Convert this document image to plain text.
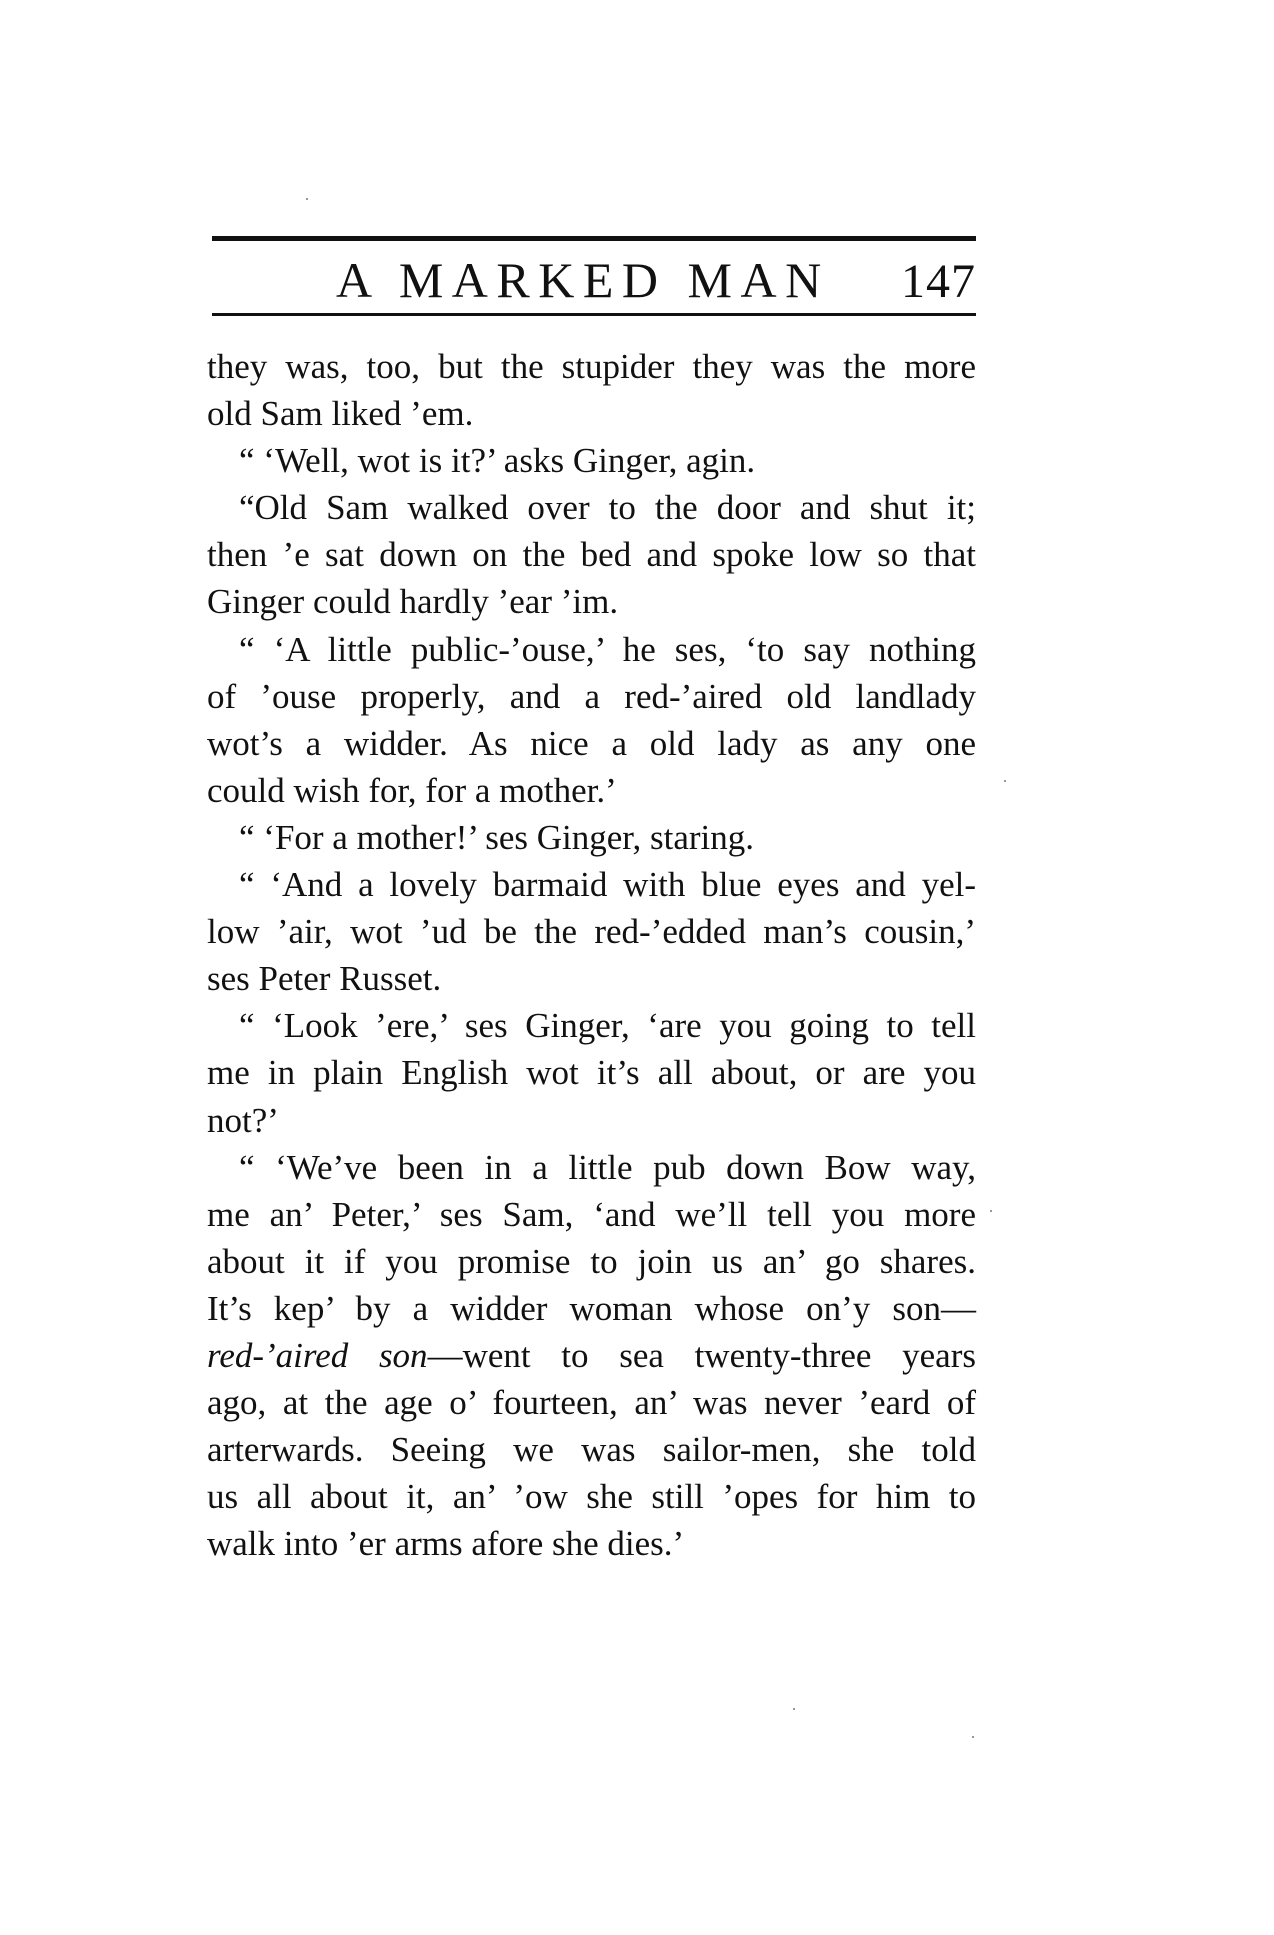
A MARKED MAN 147
they was, too, but the stupider they was the more
old Sam liked ’em.
“ ‘Well, wot is it?’ asks Ginger, agin.
“Old Sam walked over to the door and shut it;
then ’e sat down on the bed and spoke low so that
Ginger could hardly ’ear ’im.
“ ‘A little public-’ouse,’ he ses, ‘to say nothing
of ’ouse properly, and a red-’aired old landlady
wot’s a widder. As nice a old lady as any one
could wish for, for a mother.’
“ ‘For a mother!’ ses Ginger, staring.
“ ‘And a lovely barmaid with blue eyes and yel-
low ’air, wot ’ud be the red-’edded man’s cousin,’
ses Peter Russet.
“ ‘Look ’ere,’ ses Ginger, ‘are you going to tell
me in plain English wot it’s all about, or are you
not?’
“ ‘We’ve been in a little pub down Bow way,
me an’ Peter,’ ses Sam, ‘and we’ll tell you more
about it if you promise to join us an’ go shares.
It’s kep’ by a widder woman whose on’y son—
red-’aired son—went to sea twenty-three years
ago, at the age o’ fourteen, an’ was never ’eard of
arterwards. Seeing we was sailor-men, she told
us all about it, an’ ’ow she still ’opes for him to
walk into ’er arms afore she dies.’
